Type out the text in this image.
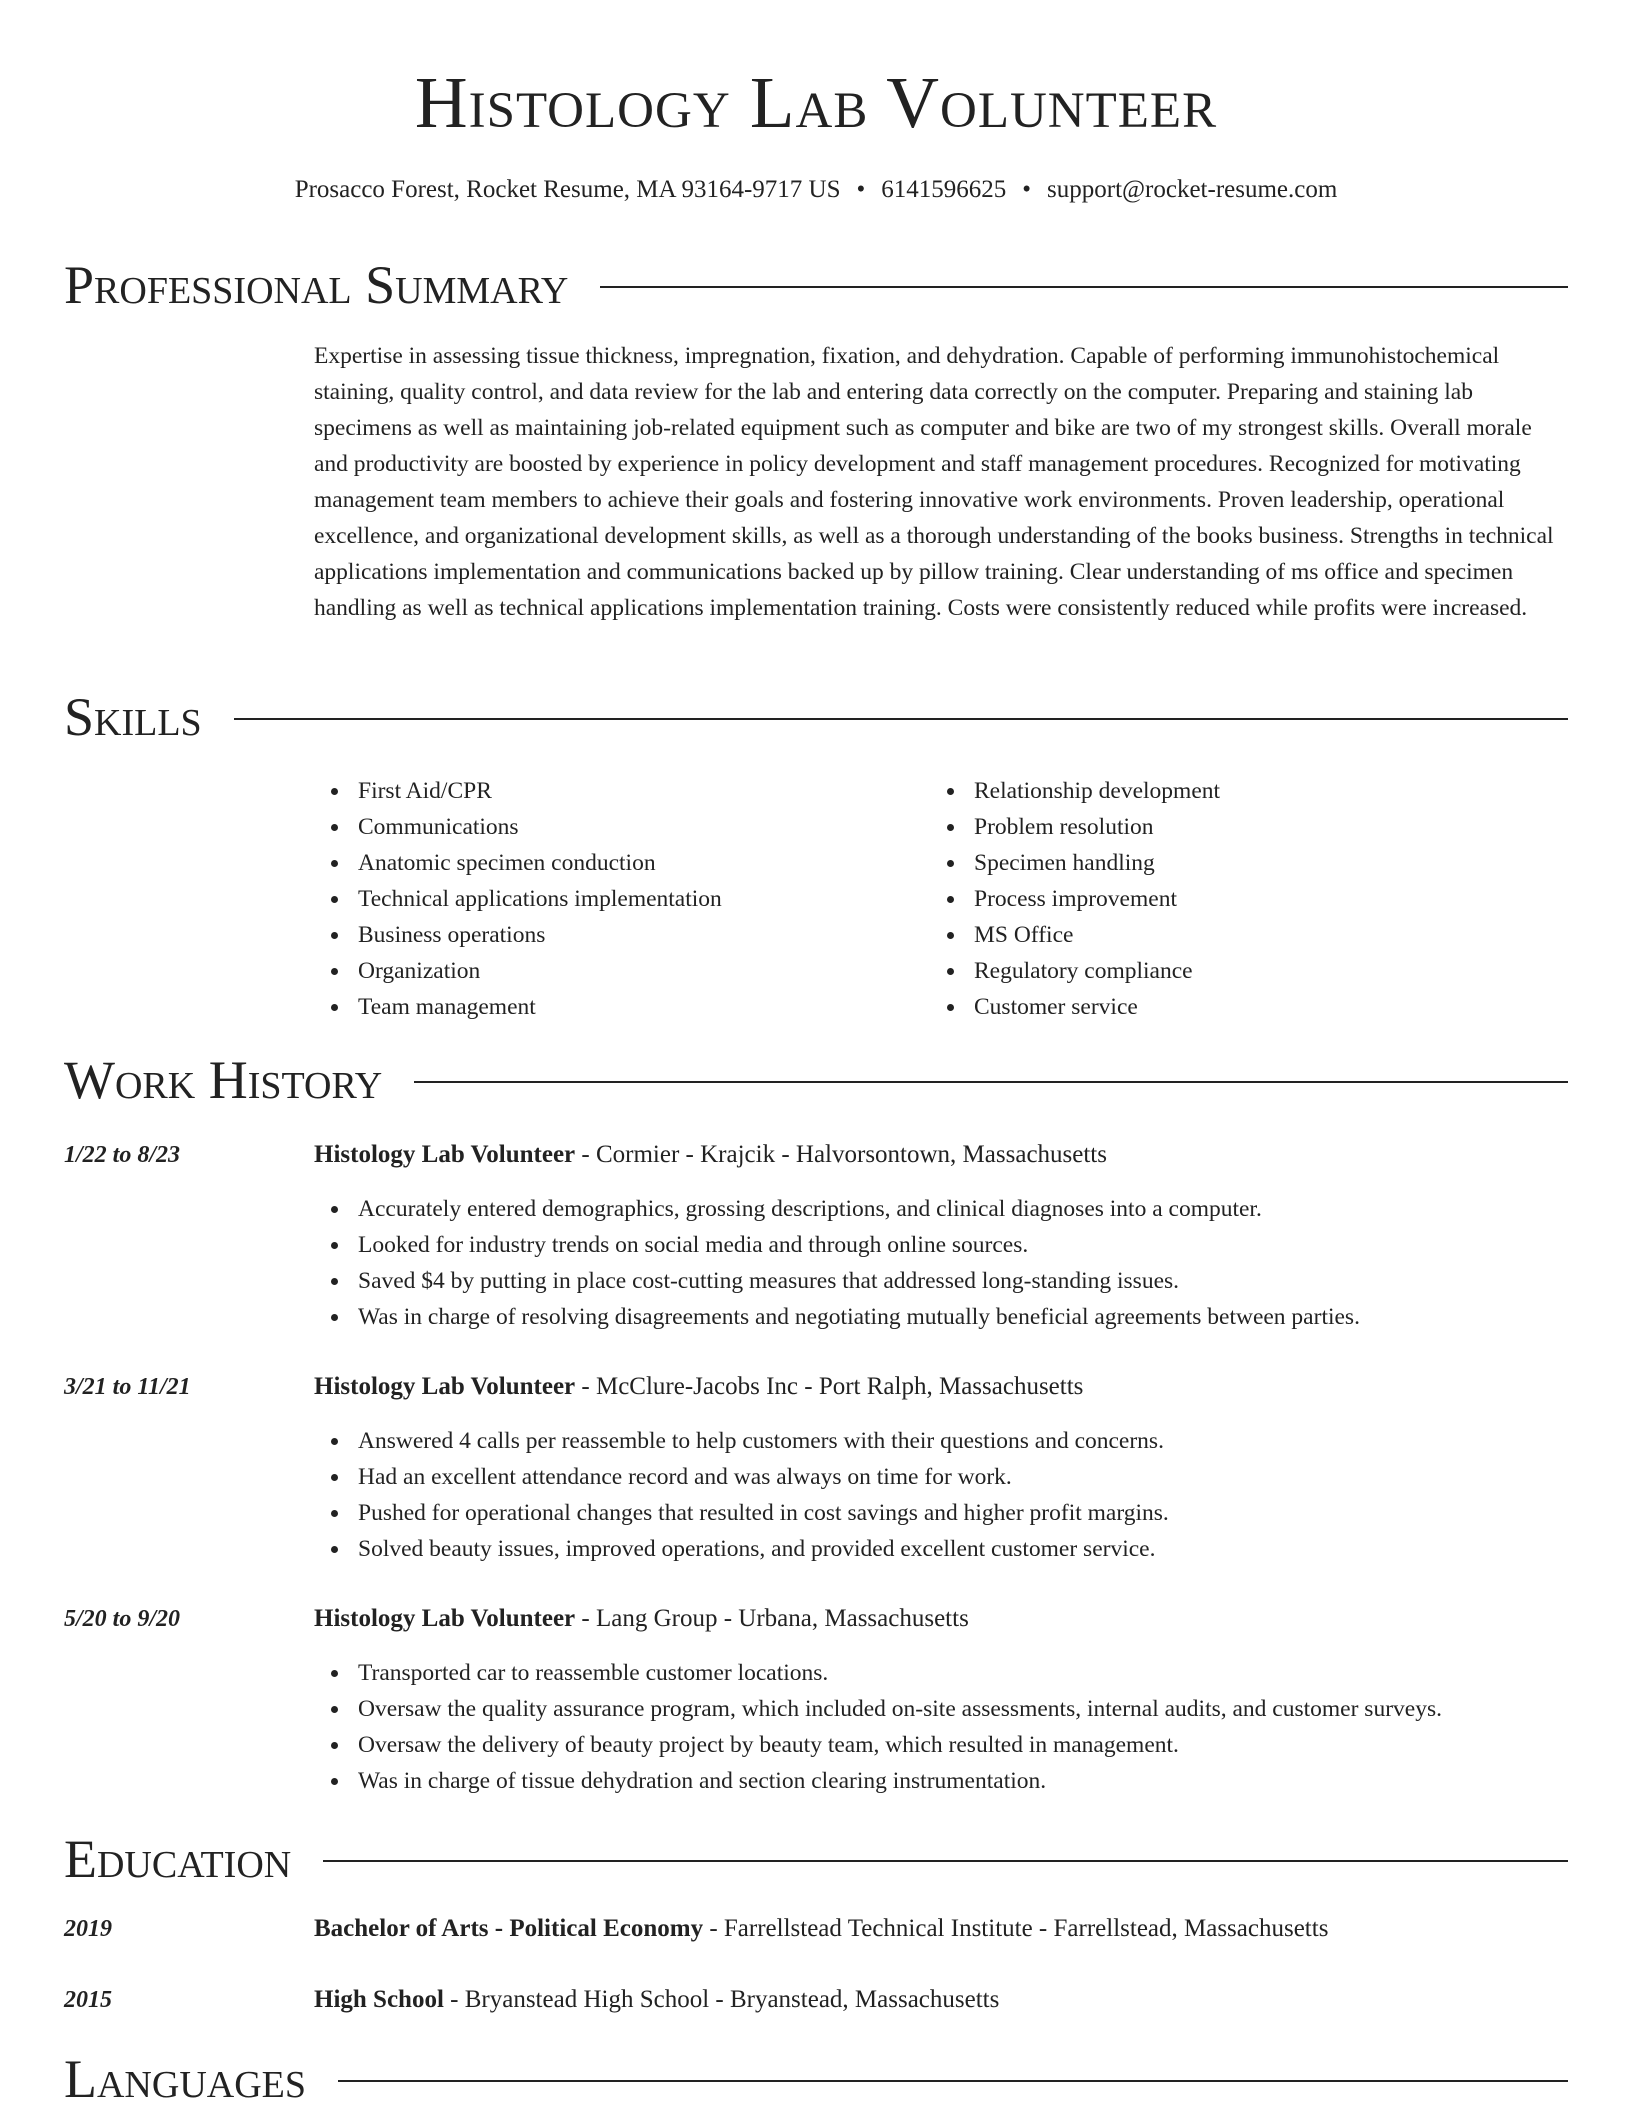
Histology Lab Volunteer
Prosacco Forest, Rocket Resume, MA 93164-9717 US • 6141596625 • support@rocket-resume.com
Professional Summary
Expertise in assessing tissue thickness, impregnation, fixation, and dehydration. Capable of performing immunohistochemical staining, quality control, and data review for the lab and entering data correctly on the computer. Preparing and staining lab specimens as well as maintaining job-related equipment such as computer and bike are two of my strongest skills. Overall morale and productivity are boosted by experience in policy development and staff management procedures. Recognized for motivating management team members to achieve their goals and fostering innovative work environments. Proven leadership, operational excellence, and organizational development skills, as well as a thorough understanding of the books business. Strengths in technical applications implementation and communications backed up by pillow training. Clear understanding of ms office and specimen handling as well as technical applications implementation training. Costs were consistently reduced while profits were increased.
Skills
First Aid/CPR
Communications
Anatomic specimen conduction
Technical applications implementation
Business operations
Organization
Team management
Relationship development
Problem resolution
Specimen handling
Process improvement
MS Office
Regulatory compliance
Customer service
Work History
1/22 to 8/23	Histology Lab Volunteer - Cormier - Krajcik - Halvorsontown, Massachusetts
Accurately entered demographics, grossing descriptions, and clinical diagnoses into a computer.
Looked for industry trends on social media and through online sources.
Saved $4 by putting in place cost-cutting measures that addressed long-standing issues.
Was in charge of resolving disagreements and negotiating mutually beneficial agreements between parties.
3/21 to 11/21	Histology Lab Volunteer - McClure-Jacobs Inc - Port Ralph, Massachusetts
Answered 4 calls per reassemble to help customers with their questions and concerns.
Had an excellent attendance record and was always on time for work.
Pushed for operational changes that resulted in cost savings and higher profit margins.
Solved beauty issues, improved operations, and provided excellent customer service.
5/20 to 9/20	Histology Lab Volunteer - Lang Group - Urbana, Massachusetts
Transported car to reassemble customer locations.
Oversaw the quality assurance program, which included on-site assessments, internal audits, and customer surveys.
Oversaw the delivery of beauty project by beauty team, which resulted in management.
Was in charge of tissue dehydration and section clearing instrumentation.
Education
2019	Bachelor of Arts - Political Economy - Farrellstead Technical Institute - Farrellstead, Massachusetts
2015	High School - Bryanstead High School - Bryanstead, Massachusetts
Languages
